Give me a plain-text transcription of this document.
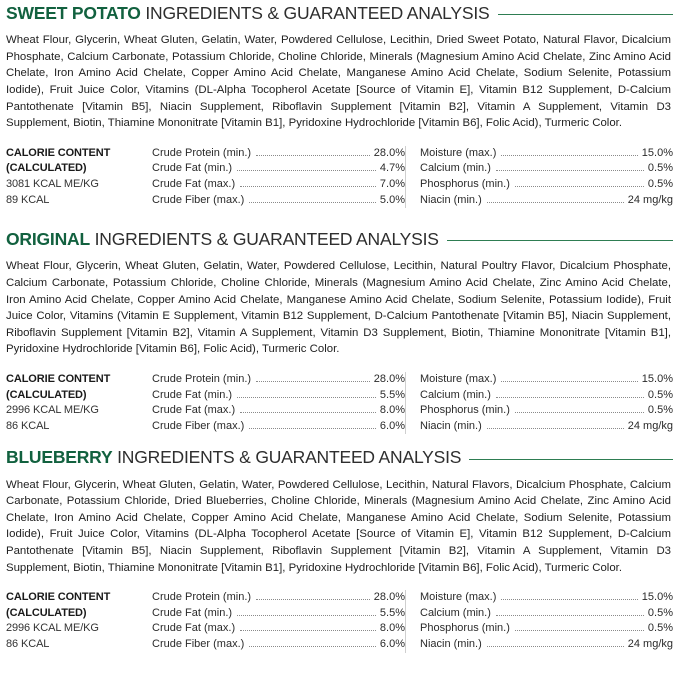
SWEET POTATO INGREDIENTS & GUARANTEED ANALYSIS
Wheat Flour, Glycerin, Wheat Gluten, Gelatin, Water, Powdered Cellulose, Lecithin, Dried Sweet Potato, Natural Flavor, Dicalcium Phosphate, Calcium Carbonate, Potassium Chloride, Choline Chloride, Minerals (Magnesium Amino Acid Chelate, Zinc Amino Acid Chelate, Iron Amino Acid Chelate, Copper Amino Acid Chelate, Manganese Amino Acid Chelate, Sodium Selenite, Potassium Iodide), Fruit Juice Color, Vitamins (DL-Alpha Tocopherol Acetate [Source of Vitamin E], Vitamin B12 Supplement, D-Calcium Pantothenate [Vitamin B5], Niacin Supplement, Riboflavin Supplement [Vitamin B2], Vitamin A Supplement, Vitamin D3 Supplement, Biotin, Thiamine Mononitrate [Vitamin B1], Pyridoxine Hydrochloride [Vitamin B6], Folic Acid), Turmeric Color.
CALORIE CONTENT
(CALCULATED)
3081 KCAL ME/KG
89 KCAL
Crude Protein (min.)	28.0%
Crude Fat (min.)	4.7%
Crude Fat (max.)	7.0%
Crude Fiber (max.)	5.0%
Moisture (max.)	15.0%
Calcium (min.)	0.5%
Phosphorus (min.)	0.5%
Niacin (min.)	24 mg/kg
ORIGINAL INGREDIENTS & GUARANTEED ANALYSIS
Wheat Flour, Glycerin, Wheat Gluten, Gelatin, Water, Powdered Cellulose, Lecithin, Natural Poultry Flavor, Dicalcium Phosphate, Calcium Carbonate, Potassium Chloride, Choline Chloride, Minerals (Magnesium Amino Acid Chelate, Zinc Amino Acid Chelate, Iron Amino Acid Chelate, Copper Amino Acid Chelate, Manganese Amino Acid Chelate, Sodium Selenite, Potassium Iodide), Fruit Juice Color, Vitamins (Vitamin E Supplement, Vitamin B12 Supplement, D-Calcium Pantothenate [Vitamin B5], Niacin Supplement, Riboflavin Supplement [Vitamin B2], Vitamin A Supplement, Vitamin D3 Supplement, Biotin, Thiamine Mononitrate [Vitamin B1], Pyridoxine Hydrochloride [Vitamin B6], Folic Acid), Turmeric Color.
CALORIE CONTENT
(CALCULATED)
2996 KCAL ME/KG
86 KCAL
Crude Protein (min.)	28.0%
Crude Fat (min.)	5.5%
Crude Fat (max.)	8.0%
Crude Fiber (max.)	6.0%
Moisture (max.)	15.0%
Calcium (min.)	0.5%
Phosphorus (min.)	0.5%
Niacin (min.)	24 mg/kg
BLUEBERRY INGREDIENTS & GUARANTEED ANALYSIS
Wheat Flour, Glycerin, Wheat Gluten, Gelatin, Water, Powdered Cellulose, Lecithin, Natural Flavors, Dicalcium Phosphate, Calcium Carbonate, Potassium Chloride, Dried Blueberries, Choline Chloride, Minerals (Magnesium Amino Acid Chelate, Zinc Amino Acid Chelate, Iron Amino Acid Chelate, Copper Amino Acid Chelate, Manganese Amino Acid Chelate, Sodium Selenite, Potassium Iodide), Fruit Juice Color, Vitamins (DL-Alpha Tocopherol Acetate [Source of Vitamin E], Vitamin B12 Supplement, D-Calcium Pantothenate [Vitamin B5], Niacin Supplement, Riboflavin Supplement [Vitamin B2], Vitamin A Supplement, Vitamin D3 Supplement, Biotin, Thiamine Mononitrate [Vitamin B1], Pyridoxine Hydrochloride [Vitamin B6], Folic Acid), Turmeric Color.
CALORIE CONTENT
(CALCULATED)
2996 KCAL ME/KG
86 KCAL
Crude Protein (min.)	28.0%
Crude Fat (min.)	5.5%
Crude Fat (max.)	8.0%
Crude Fiber (max.)	6.0%
Moisture (max.)	15.0%
Calcium (min.)	0.5%
Phosphorus (min.)	0.5%
Niacin (min.)	24 mg/kg
